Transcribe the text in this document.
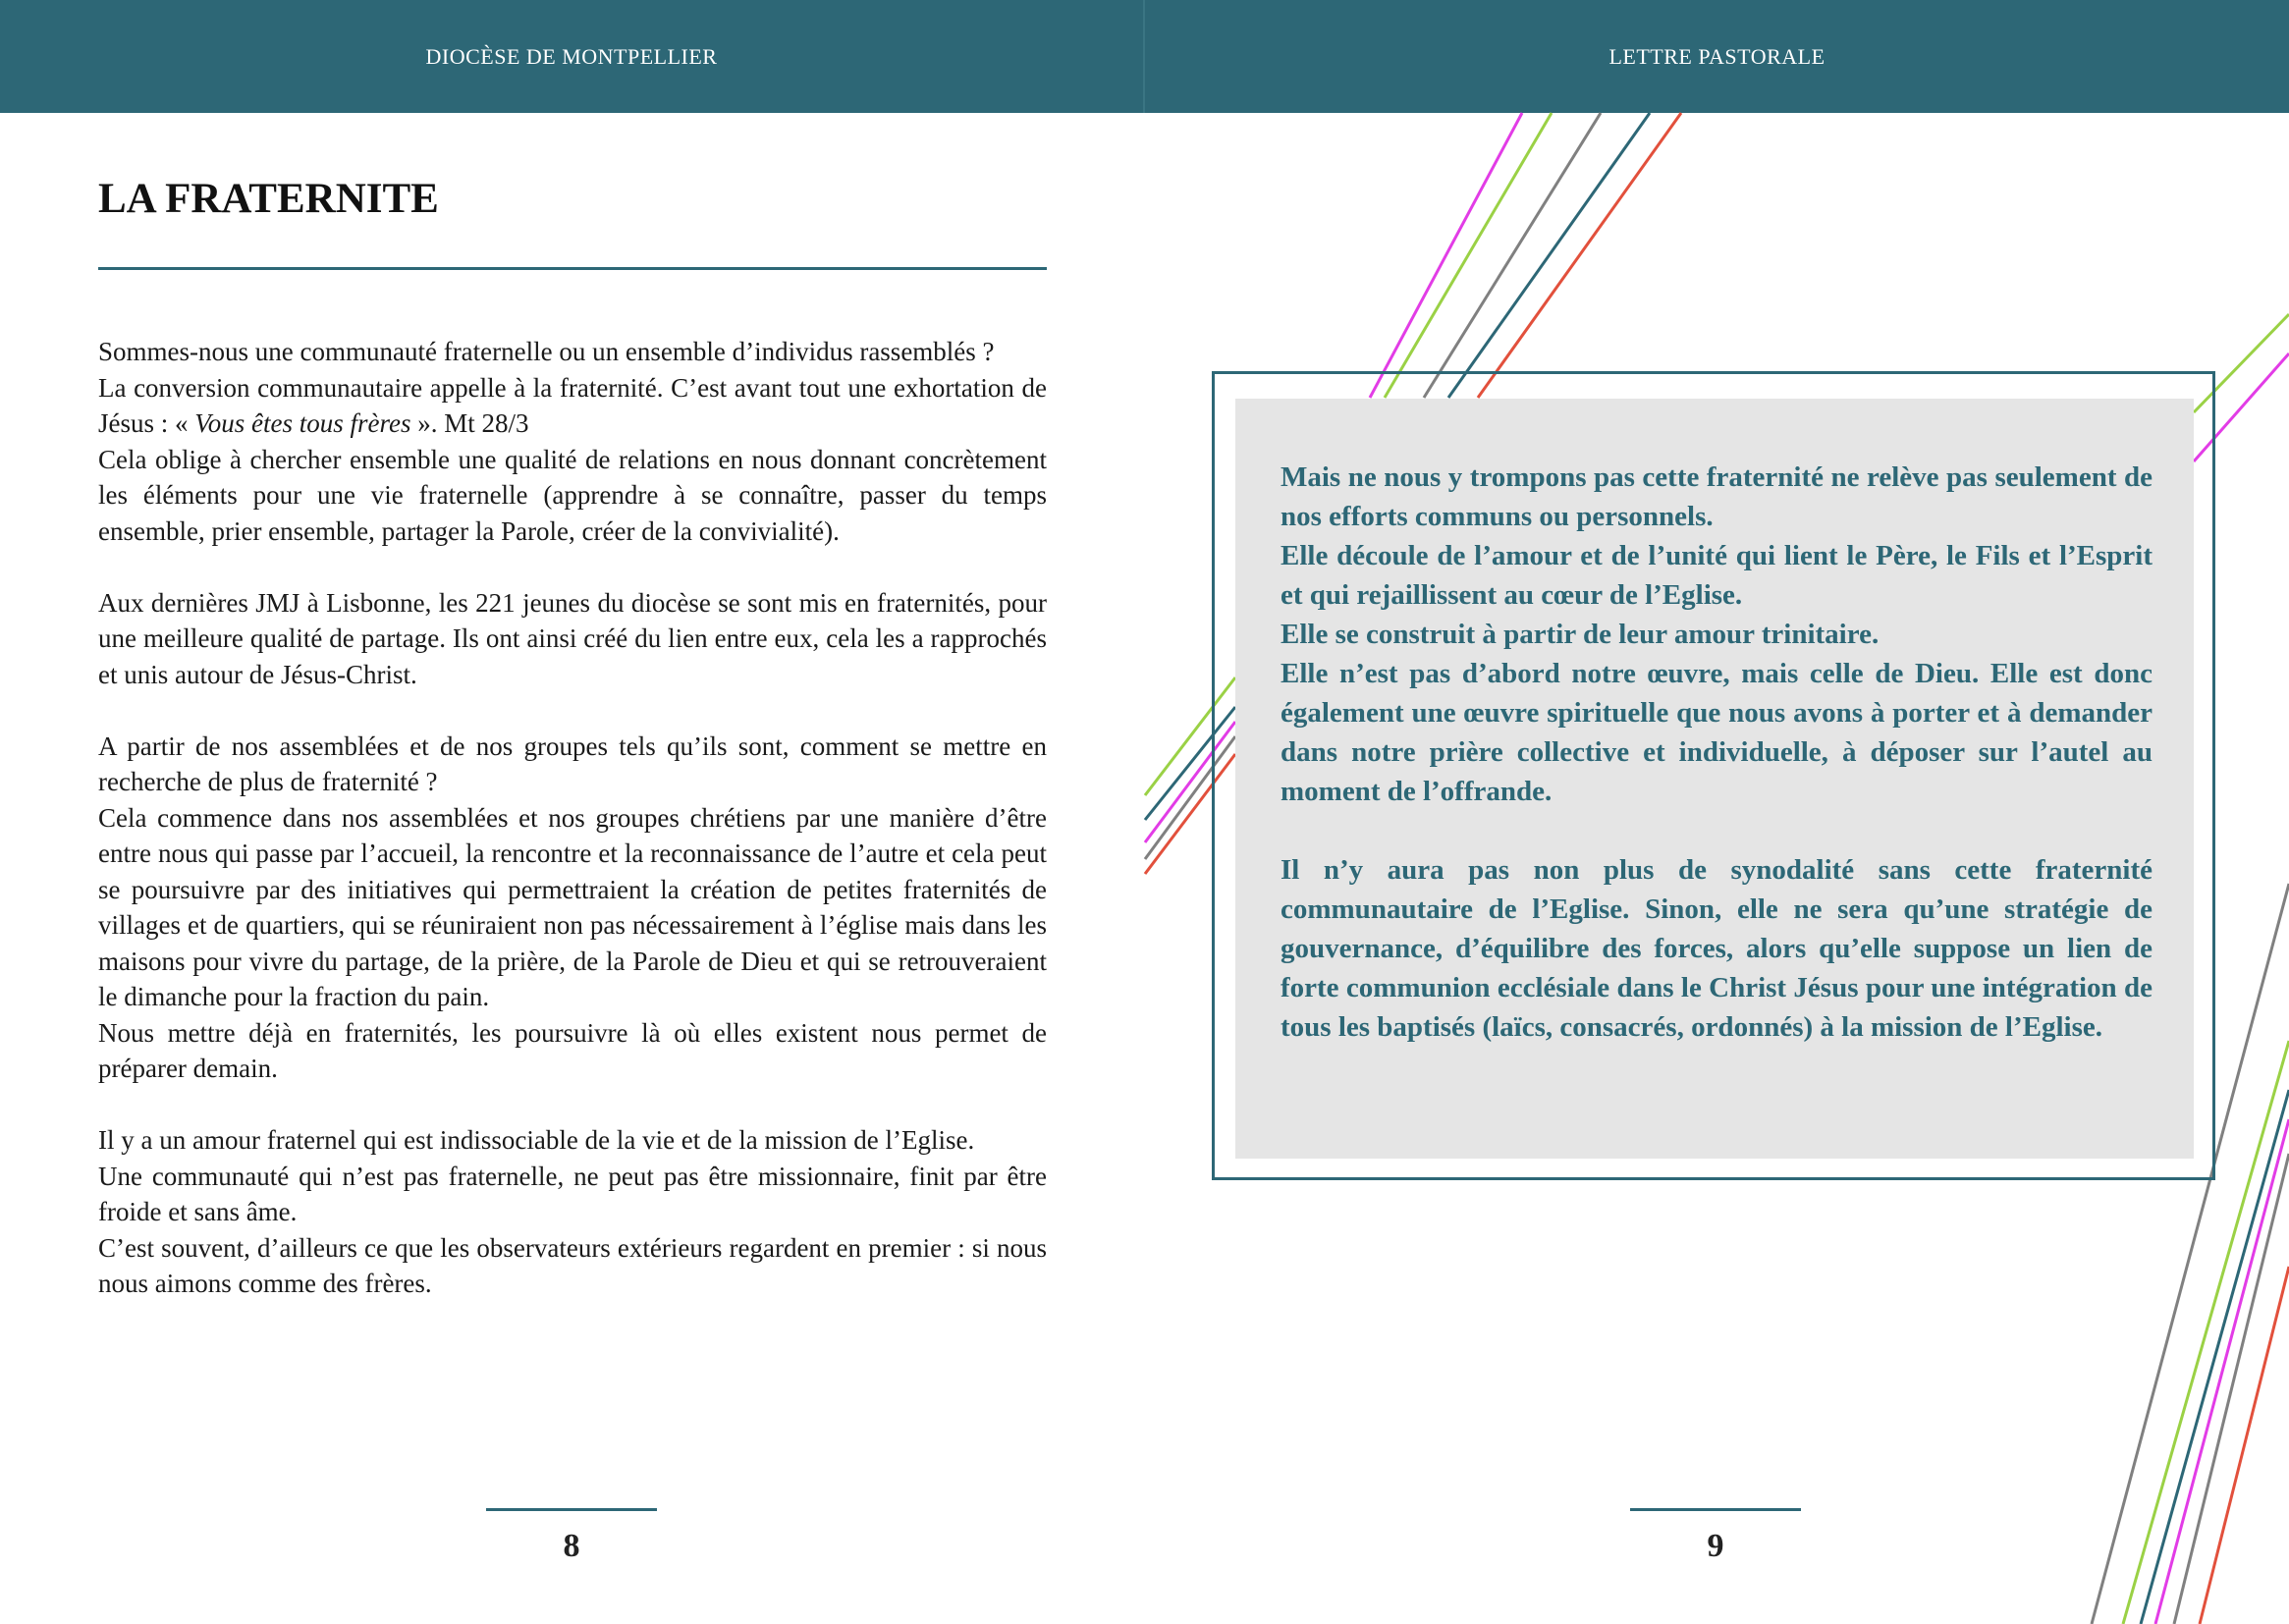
DIOCÈSE DE MONTPELLIER	LETTRE PASTORALE
LA FRATERNITE

Sommes-nous une communauté fraternelle ou un ensemble d’individus rassemblés ?

La conversion communautaire appelle à la fraternité. C’est avant tout une exhortation de Jésus : « Vous êtes tous frères ». Mt 28/3

Cela oblige à chercher ensemble une qualité de relations en nous donnant concrètement les éléments pour une vie fraternelle (apprendre à se connaître, passer du temps ensemble, prier ensemble, partager la Parole, créer de la convivialité).

Aux dernières JMJ à Lisbonne, les 221 jeunes du diocèse se sont mis en fraternités, pour une meilleure qualité de partage. Ils ont ainsi créé du lien entre eux, cela les a rapprochés et unis autour de Jésus-Christ.

A partir de nos assemblées et de nos groupes tels qu’ils sont, comment se mettre en recherche de plus de fraternité ?

Cela commence dans nos assemblées et nos groupes chrétiens par une manière d’être entre nous qui passe par l’accueil, la rencontre et la reconnaissance de l’autre et cela peut se poursuivre par des initiatives qui permettraient la création de petites fraternités de villages et de quartiers, qui se réuniraient non pas nécessairement à l’église mais dans les maisons pour vivre du partage, de la prière, de la Parole de Dieu et qui se retrouveraient le dimanche pour la fraction du pain.

Nous mettre déjà en fraternités, les poursuivre là où elles existent nous permet de préparer demain.

Il y a un amour fraternel qui est indissociable de la vie et de la mission de l’Eglise.

Une communauté qui n’est pas fraternelle, ne peut pas être missionnaire, finit par être froide et sans âme.

C’est souvent, d’ailleurs ce que les observateurs extérieurs regardent en premier : si nous nous aimons comme des frères.

8

Mais ne nous y trompons pas cette fraternité ne relève pas seulement de nos efforts communs ou personnels.

Elle découle de l’amour et de l’unité qui lient le Père, le Fils et l’Esprit et qui rejaillissent au cœur de l’Eglise.

Elle se construit à partir de leur amour trinitaire.

Elle n’est pas d’abord notre œuvre, mais celle de Dieu. Elle est donc également une œuvre spirituelle que nous avons à porter et à demander dans notre prière collective et individuelle, à déposer sur l’autel au moment de l’offrande.

Il n’y aura pas non plus de synodalité sans cette fraternité communautaire de l’Eglise. Sinon, elle ne sera qu’une stratégie de gouvernance, d’équilibre des forces, alors qu’elle suppose un lien de forte communion ecclésiale dans le Christ Jésus pour une intégration de tous les baptisés (laïcs, consacrés, ordonnés) à la mission de l’Eglise.

9
